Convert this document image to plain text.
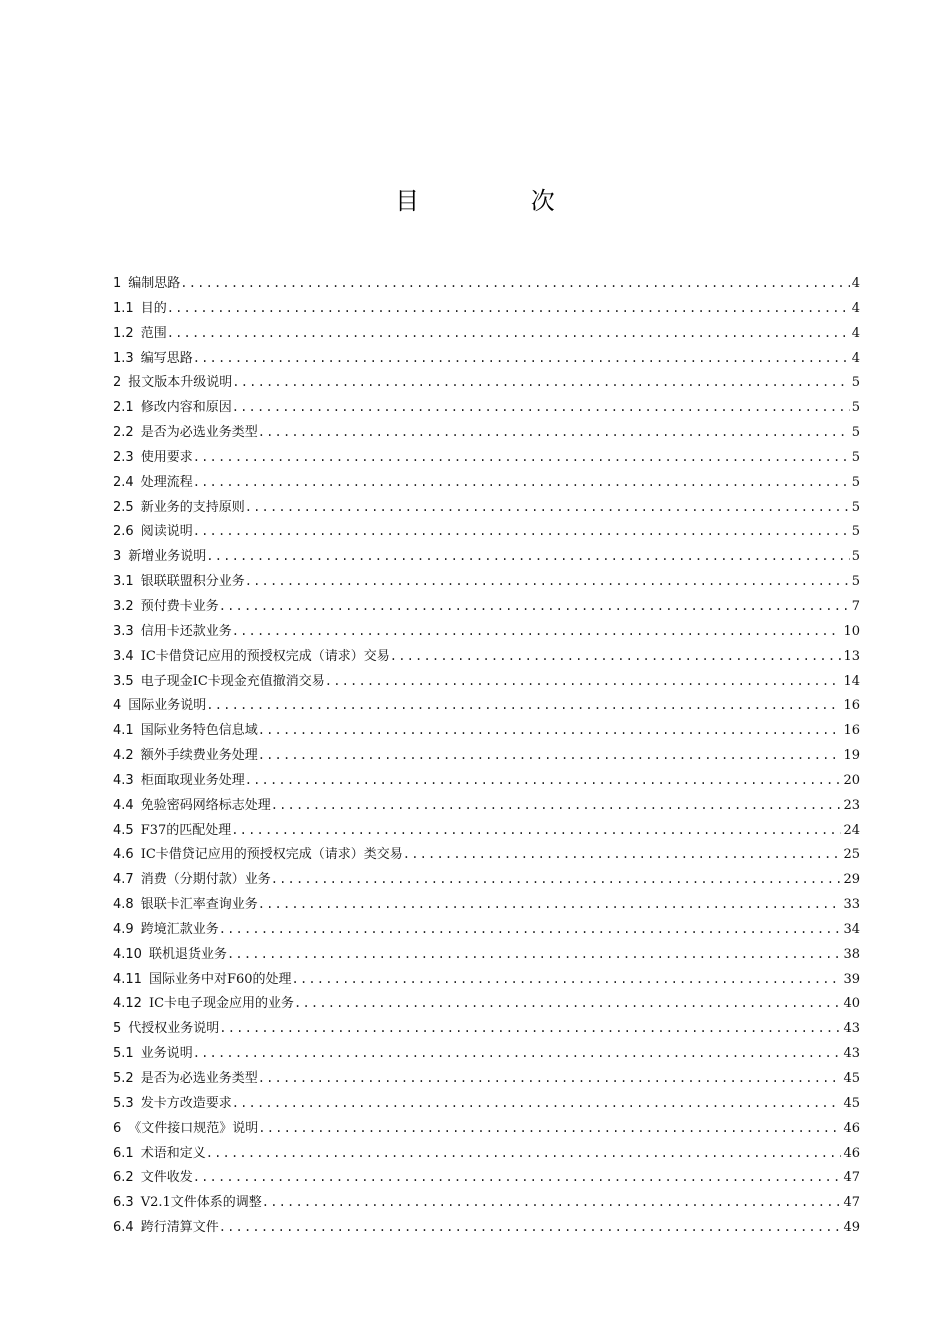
目 次
1 编制思路 .....	4
1.1 目的 .....	4
1.2 范围 .....	4
1.3 编写思路 .....	4
2 报文版本升级说明 .....	5
2.1 修改内容和原因 .....	5
2.2 是否为必选业务类型 .....	5
2.3 使用要求 .....	5
2.4 处理流程 .....	5
2.5 新业务的支持原则 .....	5
2.6 阅读说明 .....	5
3 新增业务说明 .....	5
3.1 银联联盟积分业务 .....	5
3.2 预付费卡业务 .....	7
3.3 信用卡还款业务 .....	10
3.4 IC卡借贷记应用的预授权完成（请求）交易 .....	13
3.5 电子现金IC卡现金充值撤消交易 .....	14
4 国际业务说明 .....	16
4.1 国际业务特色信息域 .....	16
4.2 额外手续费业务处理 .....	19
4.3 柜面取现业务处理 .....	20
4.4 免验密码网络标志处理 .....	23
4.5 F37的匹配处理 .....	24
4.6 IC卡借贷记应用的预授权完成（请求）类交易 .....	25
4.7 消费（分期付款）业务 .....	29
4.8 银联卡汇率查询业务 .....	33
4.9 跨境汇款业务 .....	34
4.10 联机退货业务 .....	38
4.11 国际业务中对F60的处理 .....	39
4.12 IC卡电子现金应用的业务 .....	40
5 代授权业务说明 .....	43
5.1 业务说明 .....	43
5.2 是否为必选业务类型 .....	45
5.3 发卡方改造要求 .....	45
6 《文件接口规范》说明 .....	46
6.1 术语和定义 .....	46
6.2 文件收发 .....	47
6.3 V2.1文件体系的调整 .....	47
6.4 跨行清算文件 .....	49
